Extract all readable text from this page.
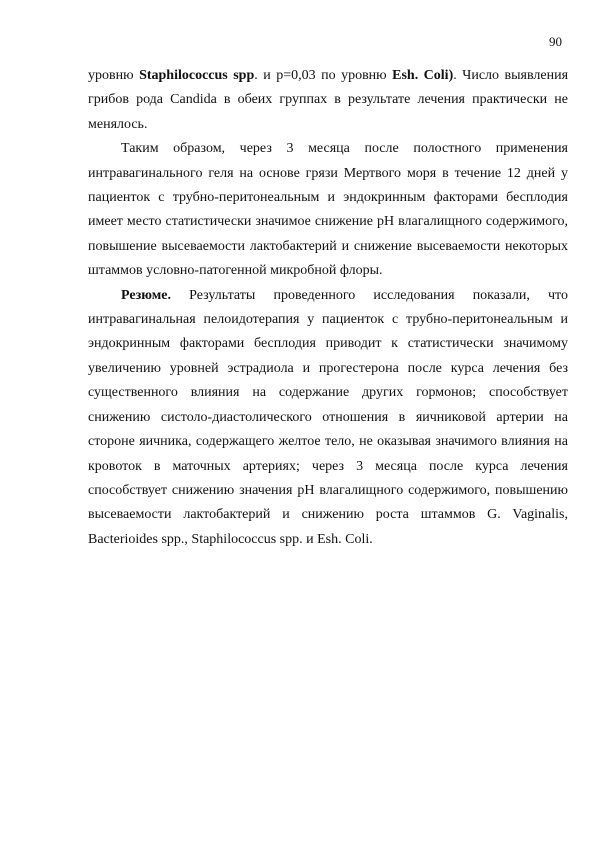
90

уровню Staphilococcus spp. и p=0,03 по уровню Esh. Coli). Число выявления грибов рода Candida в обеих группах в результате лечения практически не менялось.

Таким образом, через 3 месяца после полостного применения интравагинального геля на основе грязи Мертвого моря в течение 12 дней у пациенток с трубно-перитонеальным и эндокринным факторами бесплодия имеет место статистически значимое снижение pH влагалищного содержимого, повышение высеваемости лактобактерий и снижение высеваемости некоторых штаммов условно-патогенной микробной флоры.

Резюме. Результаты проведенного исследования показали, что интравагинальная пелоидотерапия у пациенток с трубно-перитонеальным и эндокринным факторами бесплодия приводит к статистически значимому увеличению уровней эстрадиола и прогестерона после курса лечения без существенного влияния на содержание других гормонов; способствует снижению систоло-диастолического отношения в яичниковой артерии на стороне яичника, содержащего желтое тело, не оказывая значимого влияния на кровоток в маточных артериях; через 3 месяца после курса лечения способствует снижению значения pH влагалищного содержимого, повышению высеваемости лактобактерий и снижению роста штаммов G. Vaginalis, Bacterioides spp., Staphilococcus spp. и Esh. Coli.
